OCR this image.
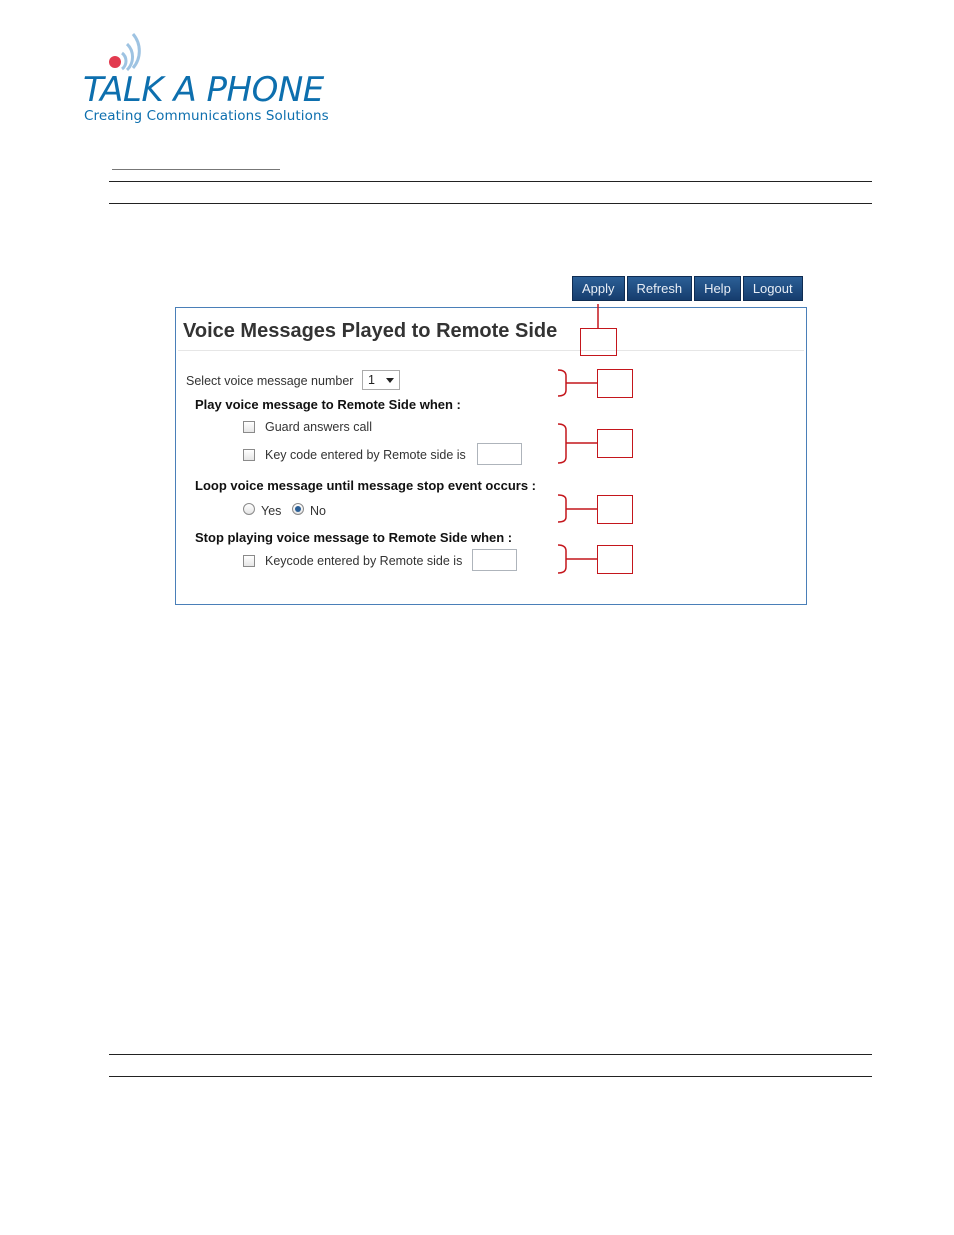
TALK A PHONE
Creating Communications Solutions
Apply	Refresh	Help	Logout
Voice Messages Played to Remote Side
Select voice message number	1
Play voice message to Remote Side when :
Guard answers call
Key code entered by Remote side is
Loop voice message until message stop event occurs :
Yes No
Stop playing voice message to Remote Side when :
Keycode entered by Remote side is
